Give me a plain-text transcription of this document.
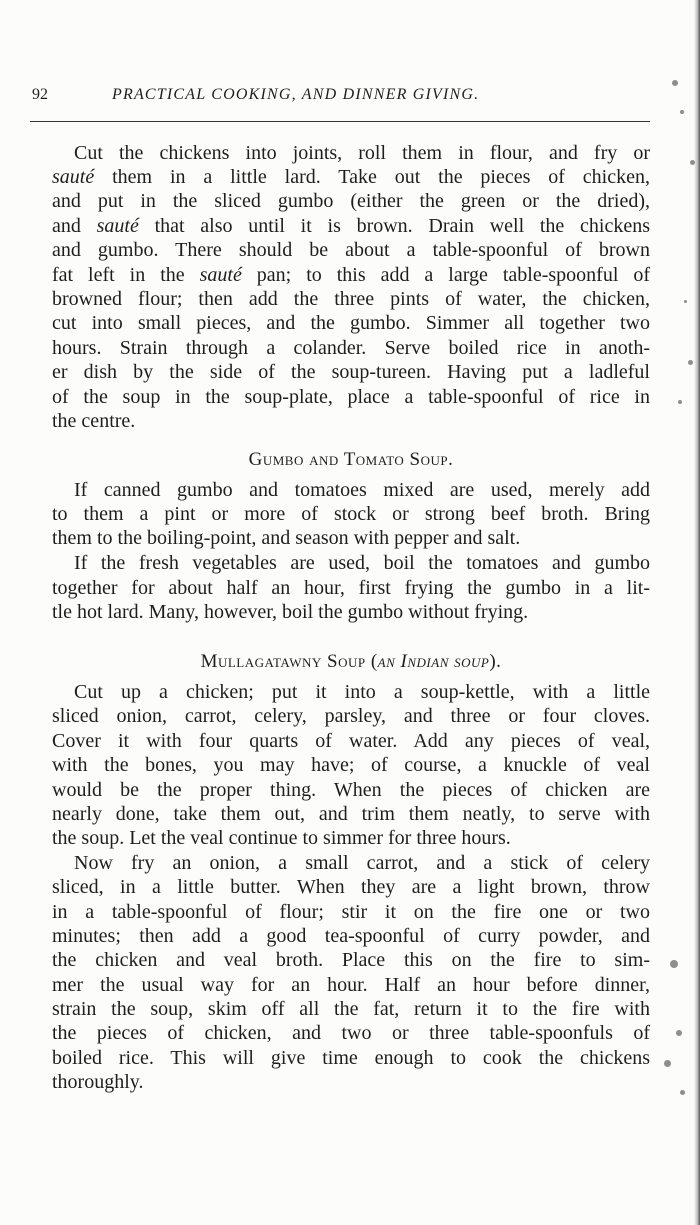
92	PRACTICAL COOKING, AND DINNER GIVING.
Cut the chickens into joints, roll them in flour, and fry or
sauté them in a little lard. Take out the pieces of chicken,
and put in the sliced gumbo (either the green or the dried),
and sauté that also until it is brown. Drain well the chickens
and gumbo. There should be about a table-spoonful of brown
fat left in the sauté pan; to this add a large table-spoonful of
browned flour; then add the three pints of water, the chicken,
cut into small pieces, and the gumbo. Simmer all together two
hours. Strain through a colander. Serve boiled rice in anoth-
er dish by the side of the soup-tureen. Having put a ladleful
of the soup in the soup-plate, place a table-spoonful of rice in
the centre.
Gumbo and Tomato Soup.
If canned gumbo and tomatoes mixed are used, merely add
to them a pint or more of stock or strong beef broth. Bring
them to the boiling-point, and season with pepper and salt.
If the fresh vegetables are used, boil the tomatoes and gumbo
together for about half an hour, first frying the gumbo in a lit-
tle hot lard. Many, however, boil the gumbo without frying.
Mullagatawny Soup (an Indian soup).
Cut up a chicken; put it into a soup-kettle, with a little
sliced onion, carrot, celery, parsley, and three or four cloves.
Cover it with four quarts of water. Add any pieces of veal,
with the bones, you may have; of course, a knuckle of veal
would be the proper thing. When the pieces of chicken are
nearly done, take them out, and trim them neatly, to serve with
the soup. Let the veal continue to simmer for three hours.
Now fry an onion, a small carrot, and a stick of celery
sliced, in a little butter. When they are a light brown, throw
in a table-spoonful of flour; stir it on the fire one or two
minutes; then add a good tea-spoonful of curry powder, and
the chicken and veal broth. Place this on the fire to sim-
mer the usual way for an hour. Half an hour before dinner,
strain the soup, skim off all the fat, return it to the fire with
the pieces of chicken, and two or three table-spoonfuls of
boiled rice. This will give time enough to cook the chickens
thoroughly.
